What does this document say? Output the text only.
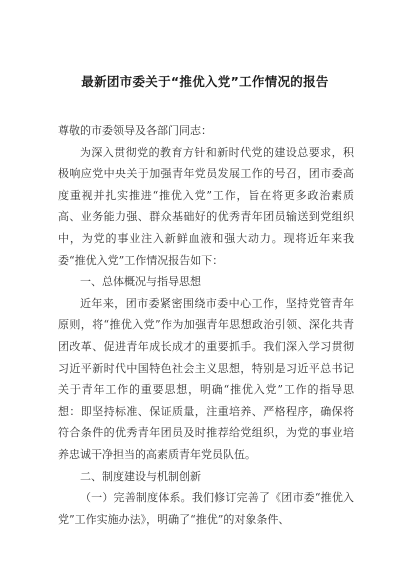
最新团市委关于“推优入党”工作情况的报告

尊敬的市委领导及各部门同志：

为深入贯彻党的教育方针和新时代党的建设总要求，积极响应党中央关于加强青年党员发展工作的号召，团市委高度重视并扎实推进“推优入党”工作，旨在将更多政治素质高、业务能力强、群众基础好的优秀青年团员输送到党组织中，为党的事业注入新鲜血液和强大动力。现将近年来我委“推优入党”工作情况报告如下：

一、总体概况与指导思想

近年来，团市委紧密围绕市委中心工作，坚持党管青年原则，将“推优入党”作为加强青年思想政治引领、深化共青团改革、促进青年成长成才的重要抓手。我们深入学习贯彻习近平新时代中国特色社会主义思想，特别是习近平总书记关于青年工作的重要思想，明确“推优入党”工作的指导思想：即坚持标准、保证质量，注重培养、严格程序，确保将符合条件的优秀青年团员及时推荐给党组织，为党的事业培养忠诚干净担当的高素质青年党员队伍。

二、制度建设与机制创新

（一）完善制度体系。我们修订完善了《团市委“推优入党”工作实施办法》，明确了“推优”的对象条件、
